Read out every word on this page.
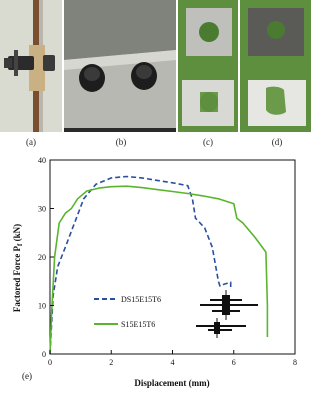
(a)	(b)	(c)	(d)
0	2	4	6	8
0
10
20
30
40
Factored Force $P_f$ (kN)
Displacement (mm)
(e)
DS15E15T6
S15E15T6
